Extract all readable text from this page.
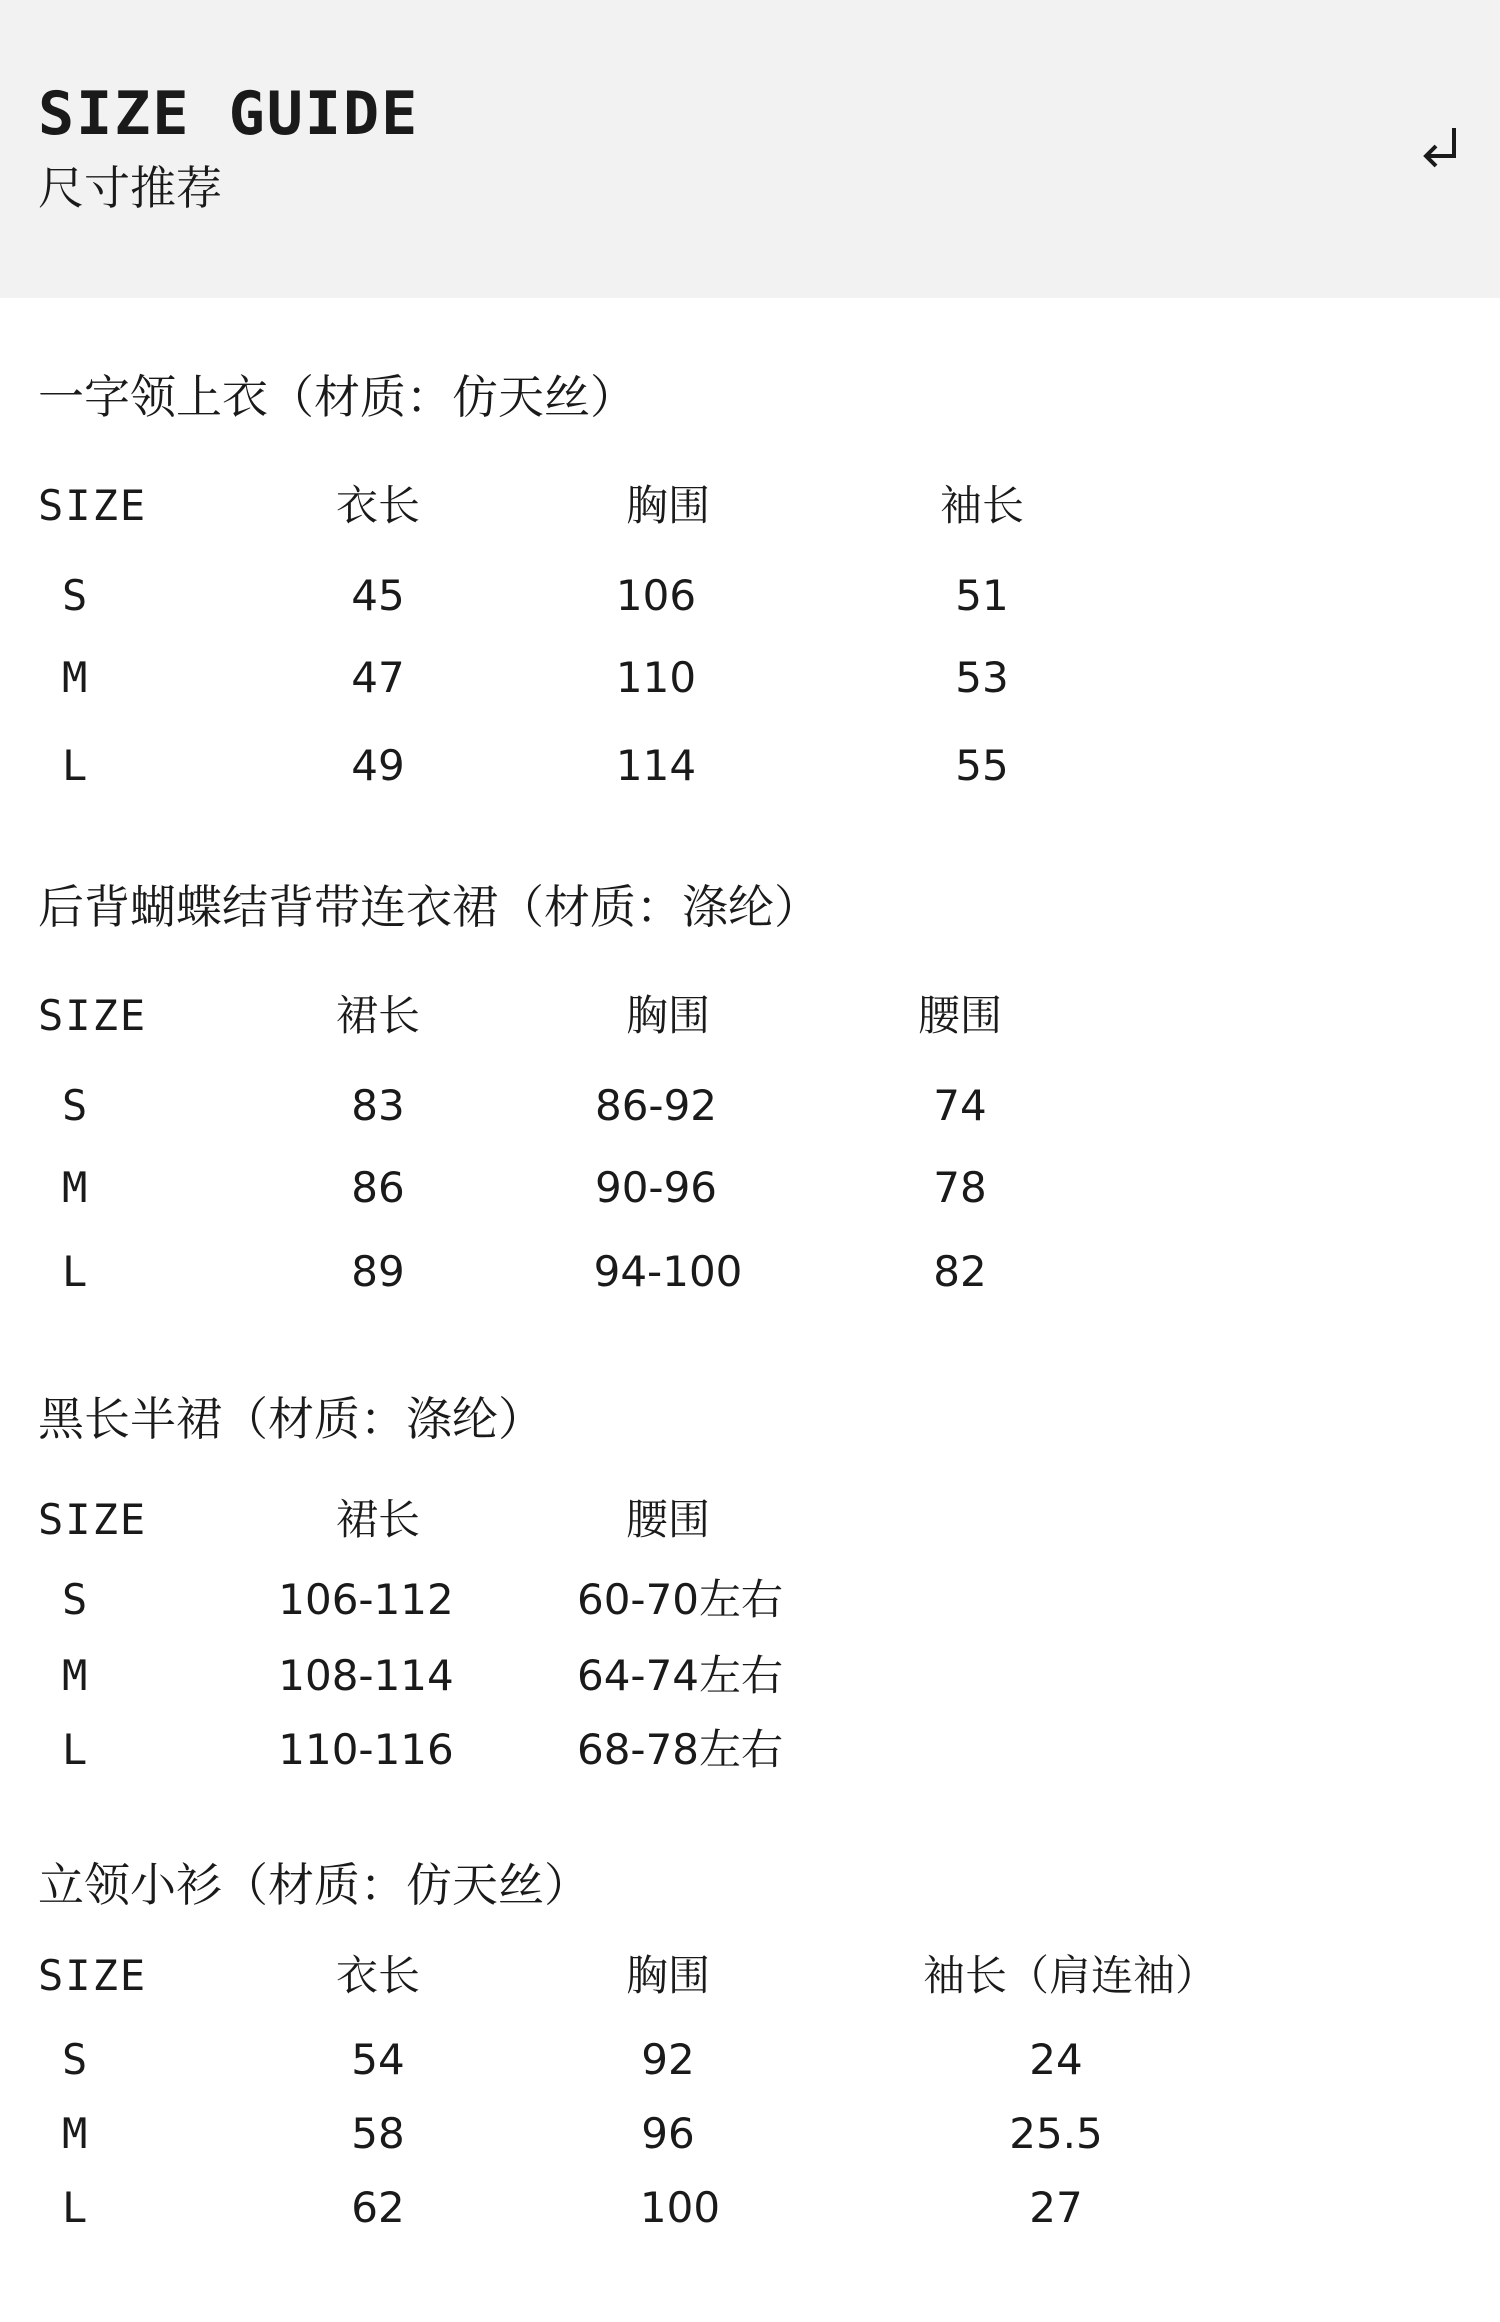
SIZE GUIDE
尺寸推荐
一字领上衣（材质：仿天丝）
SIZE	衣长	胸围	袖长
S	45	106	51
M	47	110	53
L	49	114	55
后背蝴蝶结背带连衣裙（材质：涤纶）
SIZE	裙长	胸围	腰围
S	83	86-92	74
M	86	90-96	78
L	89	94-100	82
黑长半裙（材质：涤纶）
SIZE	裙长	腰围
S	106-112	60-70左右
M	108-114	64-74左右
L	110-116	68-78左右
立领小衫（材质：仿天丝）
SIZE	衣长	胸围	袖长（肩连袖）
S	54	92	24
M	58	96	25.5
L	62	100	27
